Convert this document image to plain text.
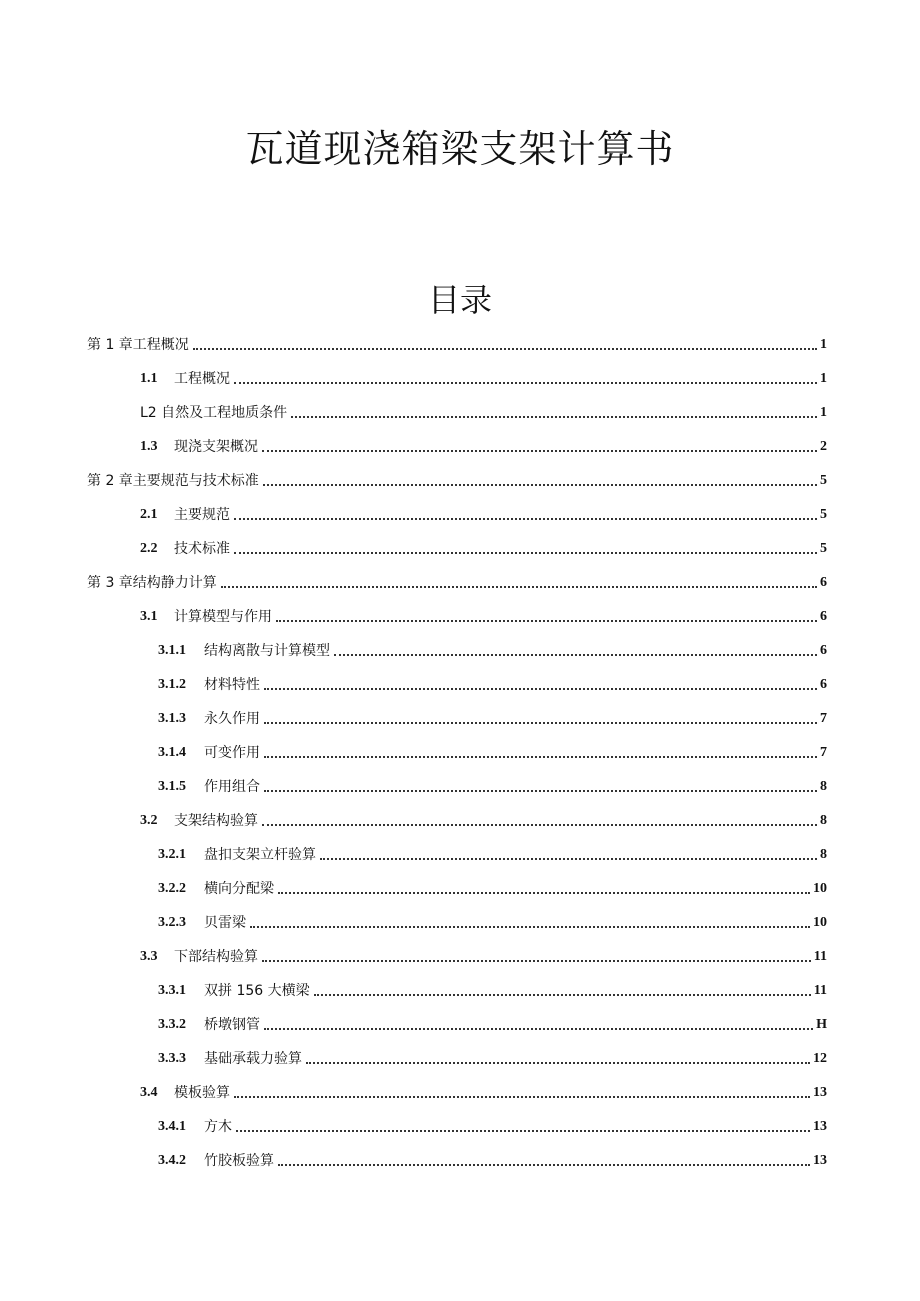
瓦道现浇箱梁支架计算书
目录
第 1 章工程概况	1
1.1	工程概况	1
L2 自然及工程地质条件	1
1.3	现浇支架概况	2
第 2 章主要规范与技术标准	5
2.1	主要规范	5
2.2	技术标准	5
第 3 章结构静力计算	6
3.1	计算模型与作用	6
3.1.1	结构离散与计算模型	6
3.1.2	材料特性	6
3.1.3	永久作用	7
3.1.4	可变作用	7
3.1.5	作用组合	8
3.2	支架结构验算	8
3.2.1	盘扣支架立杆验算	8
3.2.2	横向分配梁	10
3.2.3	贝雷梁	10
3.3	下部结构验算	11
3.3.1	双拼 156 大横梁	11
3.3.2	桥墩钢管	H
3.3.3	基础承载力验算	12
3.4	模板验算	13
3.4.1	方木	13
3.4.2	竹胶板验算	13
